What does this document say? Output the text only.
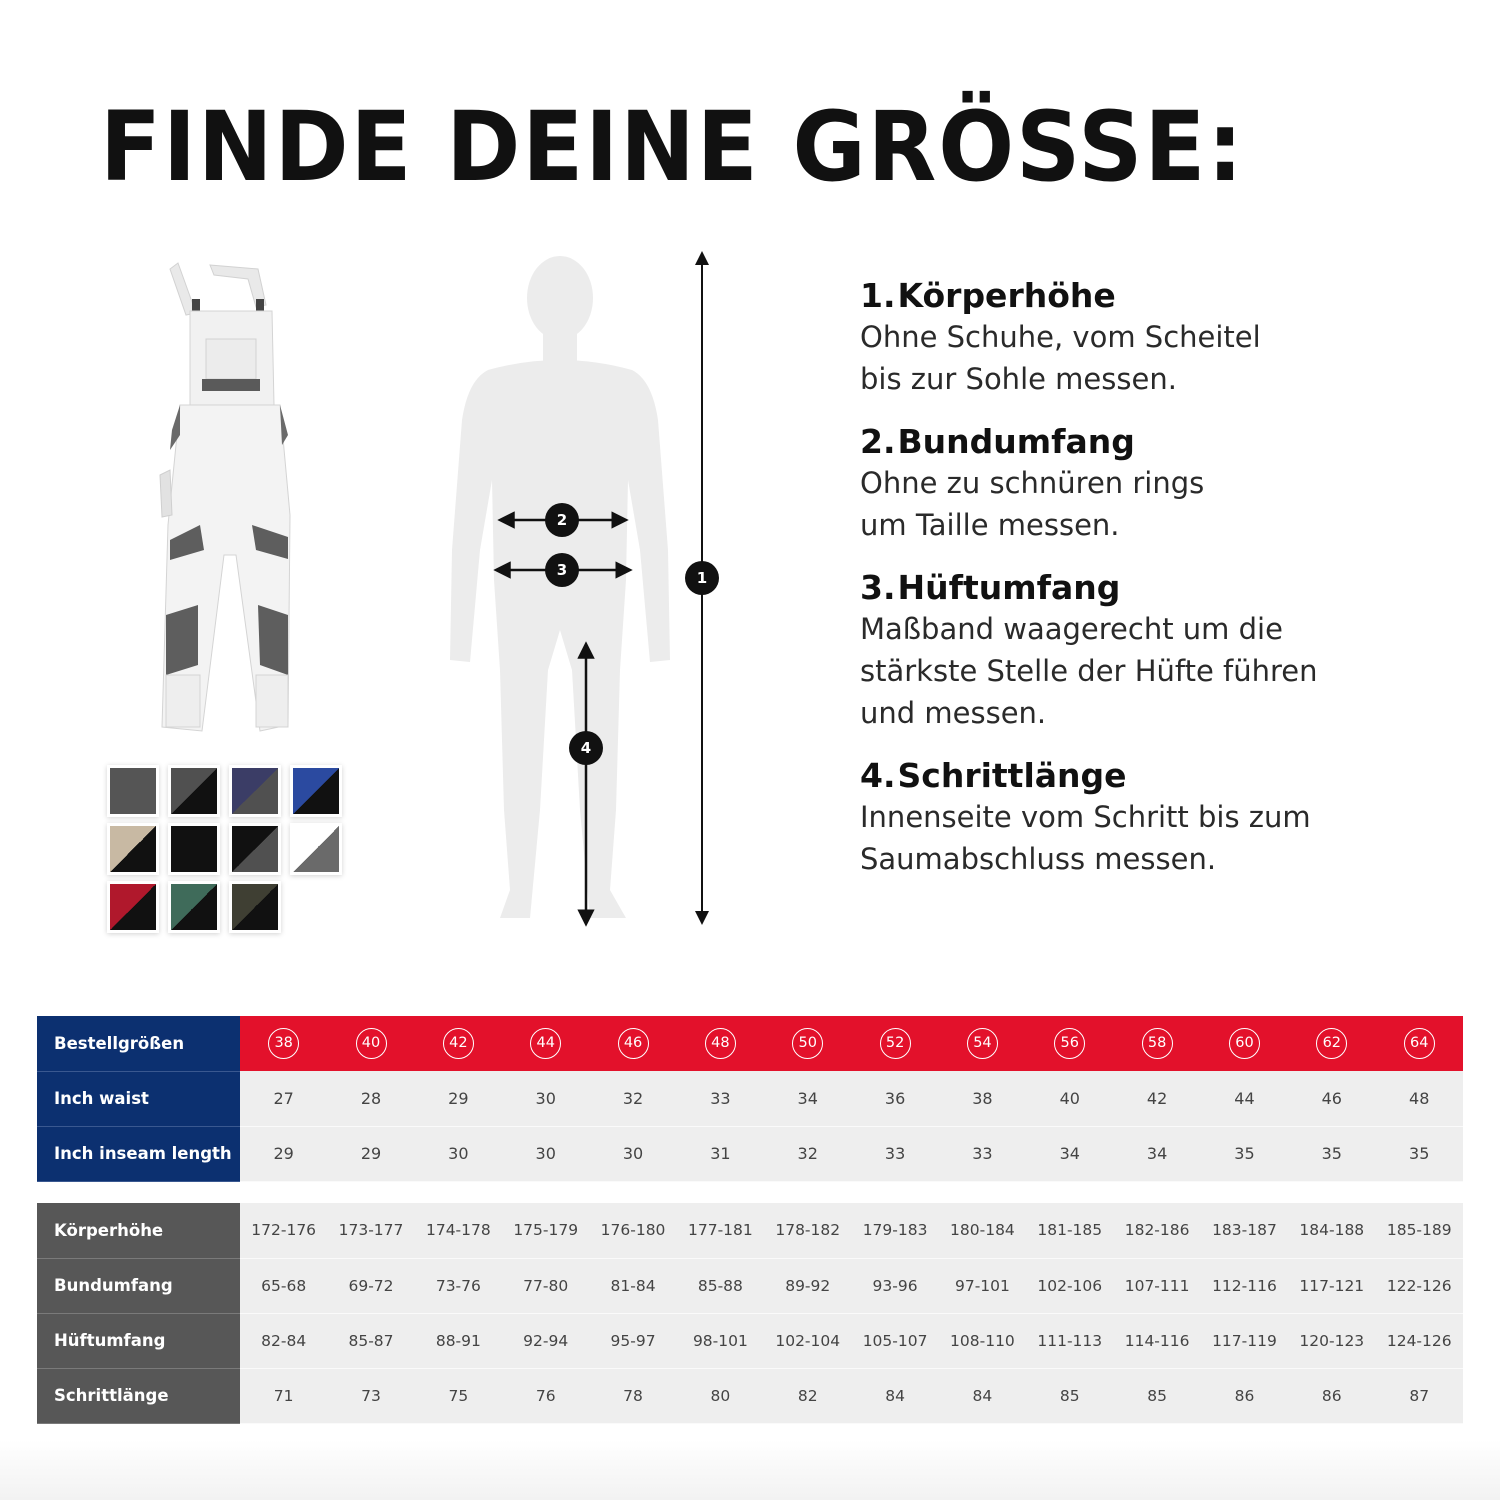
FINDE DEINE GRÖSSE:
2
3
4
1
1.Körperhöhe
Ohne Schuhe, vom Scheitel
bis zur Sohle messen.
2.Bundumfang
Ohne zu schnüren rings
um Taille messen.
3.Hüftumfang
Maßband waagerecht um die
stärkste Stelle der Hüfte führen
und messen.
4.Schrittlänge
Innenseite vom Schritt bis zum
Saumabschluss messen.
Bestellgrößen	38	40	42	44	46	48	50	52	54	56	58	60	62	64
Inch waist	27	28	29	30	32	33	34	36	38	40	42	44	46	48
Inch inseam length	29	29	30	30	30	31	32	33	33	34	34	35	35	35
Körperhöhe	172-176	173-177	174-178	175-179	176-180	177-181	178-182	179-183	180-184	181-185	182-186	183-187	184-188	185-189
Bundumfang	65-68	69-72	73-76	77-80	81-84	85-88	89-92	93-96	97-101	102-106	107-111	112-116	117-121	122-126
Hüftumfang	82-84	85-87	88-91	92-94	95-97	98-101	102-104	105-107	108-110	111-113	114-116	117-119	120-123	124-126
Schrittlänge	71	73	75	76	78	80	82	84	84	85	85	86	86	87
